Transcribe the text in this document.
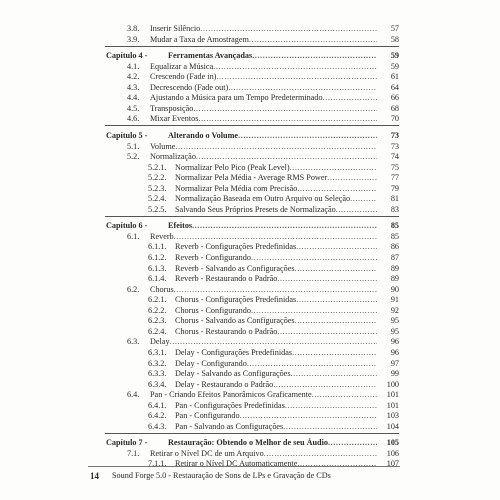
3.8. Inserir Silêncio .....	57
3.9. Mudar a Taxa de Amostragem .....	58
Capítulo 4 -	Ferramentas Avançadas .....	59
4.1. Equalizar a Música .....	59
4.2. Crescendo (Fade in) .....	61
4.3. Decrescendo (Fade out) .....	64
4.4. Ajustando a Música para um Tempo Predeterminado .....	66
4.5. Transposição .....	68
4.6. Mixar Eventos .....	70
Capítulo 5 -	Alterando o Volume .....	73
5.1. Volume .....	73
5.2. Normalização .....	74
5.2.1. Normalizar Pelo Pico (Peak Level) .....	75
5.2.2. Normalizar Pela Média - Average RMS Power .....	77
5.2.3. Normalizar Pela Média com Precisão .....	79
5.2.4. Normalização Baseada em Outro Arquivo ou Seleção .....	81
5.2.5. Salvando Seus Próprios Presets de Normalização .....	83
Capítulo 6 -	Efeitos .....	85
6.1. Reverb .....	85
6.1.1. Reverb - Configurações Predefinidas .....	86
6.1.2. Reverb - Configurando .....	87
6.1.3. Reverb - Salvando as Configurações .....	89
6.1.4. Reverb - Restaurando o Padrão .....	89
6.2. Chorus .....	90
6.2.1. Chorus - Configurações Predefinidas .....	91
6.2.2. Chorus - Configurando .....	92
6.2.3. Chorus - Salvando as Configurações .....	95
6.2.4. Chorus - Restaurando o Padrão .....	95
6.3. Delay .....	96
6.3.1. Delay - Configurações Predefinidas .....	96
6.3.2. Delay - Configurando .....	97
6.3.3. Delay - Salvando as Configurações .....	99
6.3.4. Delay - Restaurando o Padrão .....	100
6.4. Pan - Criando Efeitos Panorâmicos Graficamente .....	101
6.4.1. Pan - Configurações Predefinidas .....	101
6.4.2. Pan - Configurando .....	103
6.4.3. Pan - Salvando as Configurações .....	104
Capítulo 7 -	Restauração: Obtendo o Melhor de seu Áudio .....	105
7.1. Retirar o Nível DC de um Arquivo .....	106
7.1.1. Retirar o Nível DC Automaticamente .....	107
14 Sound Forge 5.0 - Restauração de Sons de LPs e Gravação de CDs
